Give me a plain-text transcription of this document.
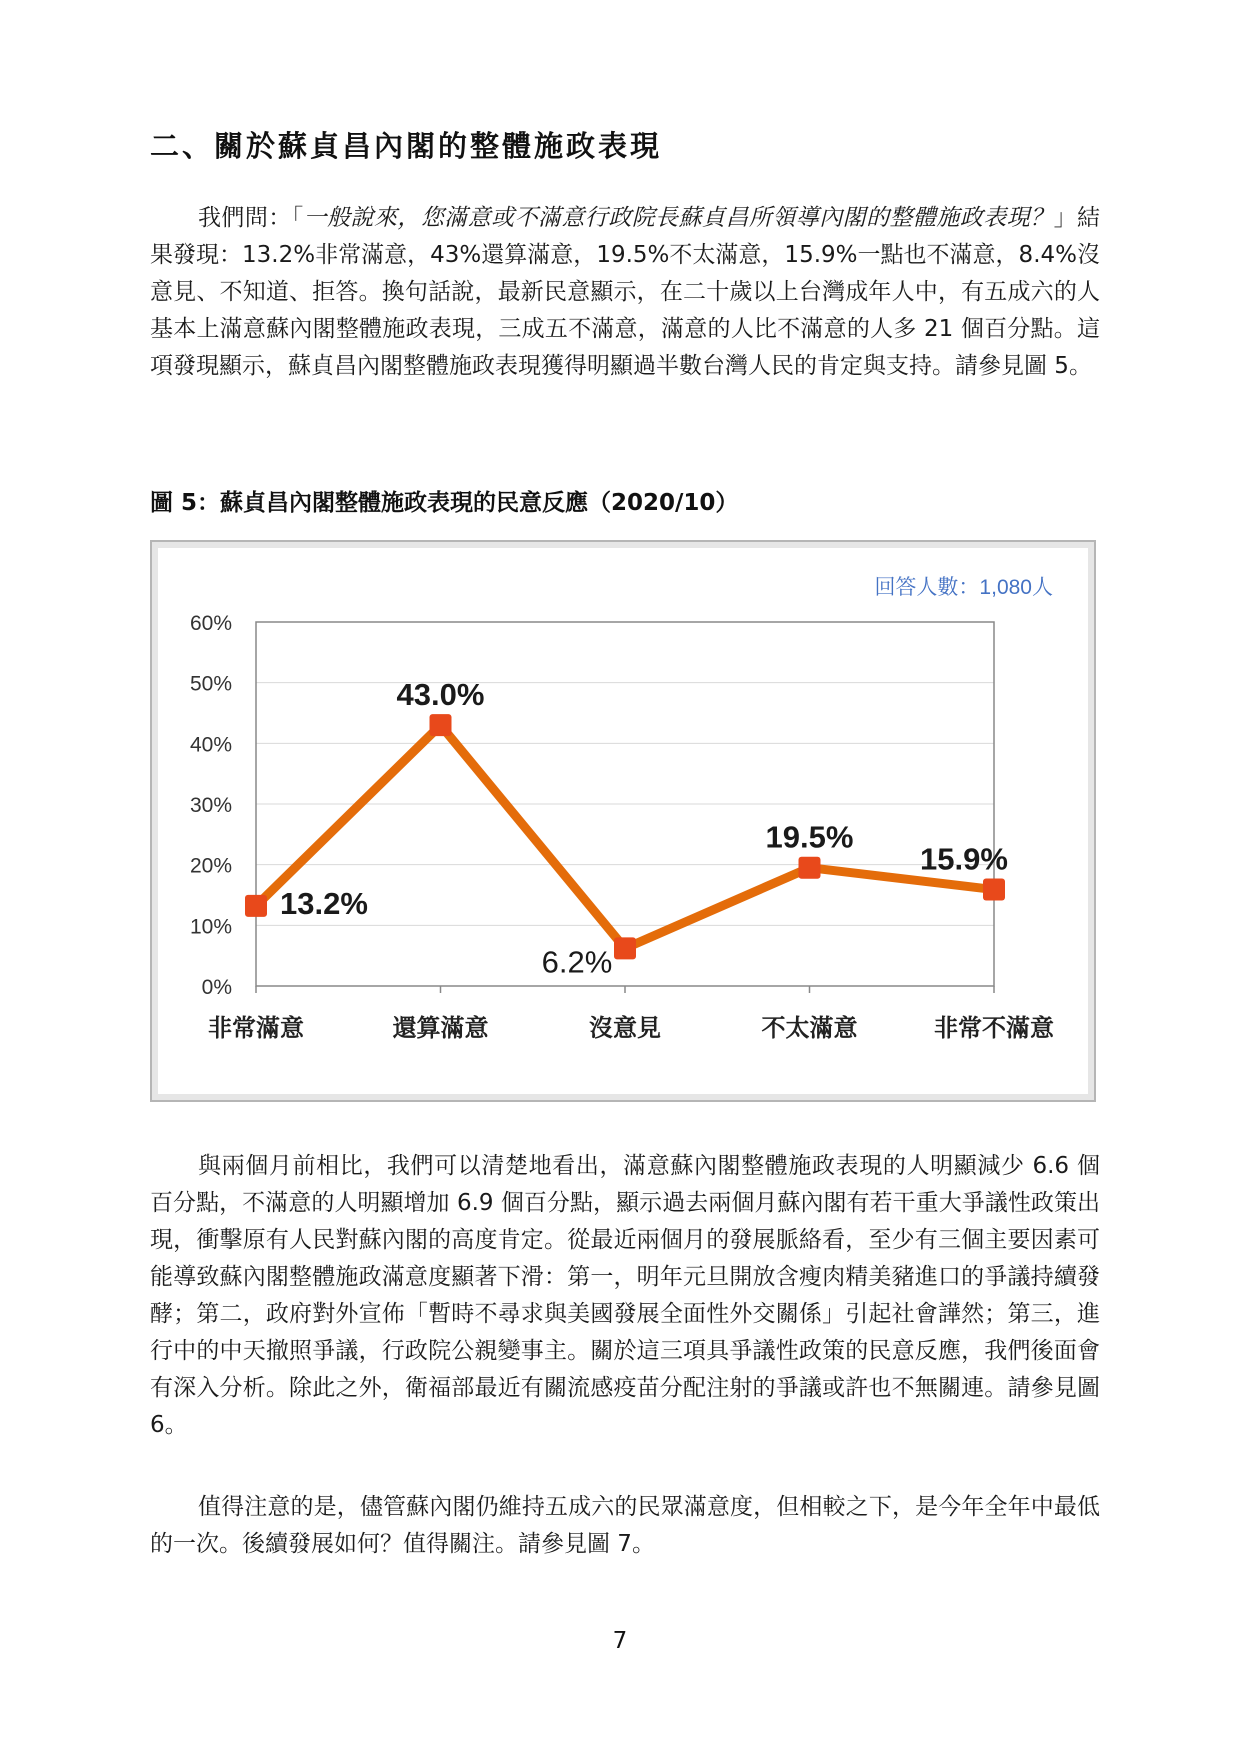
二、關於蘇貞昌內閣的整體施政表現

我們問：「一般說來，您滿意或不滿意行政院長蘇貞昌所領導內閣的整體施政表現？」結果發現：13.2%非常滿意，43%還算滿意，19.5%不太滿意，15.9%一點也不滿意，8.4%沒意見、不知道、拒答。換句話說，最新民意顯示，在二十歲以上台灣成年人中，有五成六的人基本上滿意蘇內閣整體施政表現，三成五不滿意，滿意的人比不滿意的人多 21 個百分點。這項發現顯示，蘇貞昌內閣整體施政表現獲得明顯過半數台灣人民的肯定與支持。請參見圖 5。

圖 5：蘇貞昌內閣整體施政表現的民意反應（2020/10）

0%
10%
20%
30%
40%
50%
60%
非常滿意	還算滿意	沒意見	不太滿意	非常不滿意
13.2%
43.0%
6.2%
19.5%
15.9%
回答人數：1,080人

與兩個月前相比，我們可以清楚地看出，滿意蘇內閣整體施政表現的人明顯減少 6.6 個百分點，不滿意的人明顯增加 6.9 個百分點，顯示過去兩個月蘇內閣有若干重大爭議性政策出現，衝擊原有人民對蘇內閣的高度肯定。從最近兩個月的發展脈絡看，至少有三個主要因素可能導致蘇內閣整體施政滿意度顯著下滑：第一，明年元旦開放含瘦肉精美豬進口的爭議持續發酵；第二，政府對外宣佈「暫時不尋求與美國發展全面性外交關係」引起社會譁然；第三，進行中的中天撤照爭議，行政院公親變事主。關於這三項具爭議性政策的民意反應，我們後面會有深入分析。除此之外，衛福部最近有關流感疫苗分配注射的爭議或許也不無關連。請參見圖 6。

值得注意的是，儘管蘇內閣仍維持五成六的民眾滿意度，但相較之下，是今年全年中最低的一次。後續發展如何？值得關注。請參見圖 7。

7
